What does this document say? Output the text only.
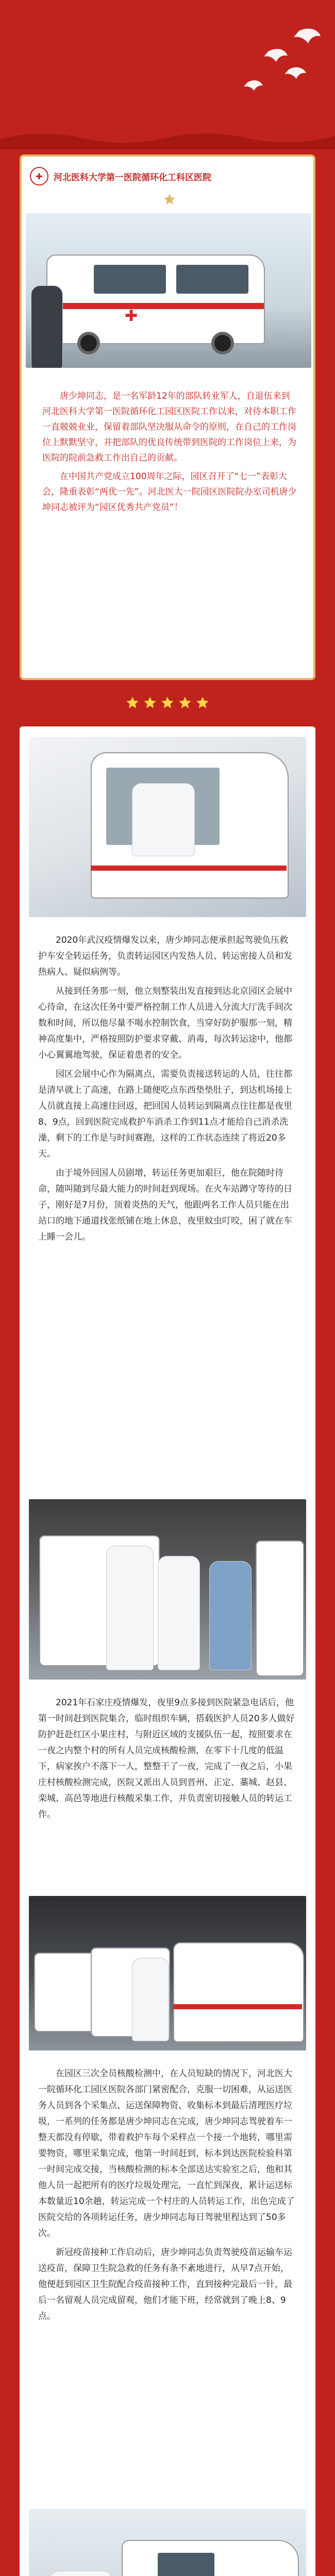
✚	河北医科大学第一医院循环化工科区医院
✚

唐少坤同志，是一名军龄12年的部队转业军人，自退伍来到河北医科大学第一医院循环化工园区医院工作以来，对待本职工作一直兢兢业业，保留着部队坚决服从命令的原则，在自己的工作岗位上默默坚守，并把部队的优良传统带到医院的工作岗位上来，为医院的院前急救工作出自己的贡献。

在中国共产党成立100周年之际，园区召开了“七一”表彰大会，隆重表彰“两优一先”。河北医大一院园区医院院办室司机唐少坤同志被评为“园区优秀共产党员”！

2020年武汉疫情爆发以来，唐少坤同志便承担起驾驶负压救护车安全转运任务，负责转运园区内发热人员、转运密接人员和发热病人、疑似病例等。

从接到任务那一刻，他立刻整装出发直接到达北京园区会展中心待命，在这次任务中要严格控制工作人员进入分流大厅洗手间次数和时间，所以他尽量不喝水控制饮食，当穿好防护服那一刻，精神高度集中，严格按照防护要求穿戴、消毒，每次转运途中，他都小心翼翼地驾驶，保证着患者的安全。

园区会展中心作为隔离点，需要负责接送转运的人员，往往都是清早就上了高速，在路上随便吃点东西垫垫肚子，到达机场接上人员就直接上高速往回返，把回国人员转运到隔离点往往都是夜里8、9点，回到医院完成救护车消杀工作到11点才能给自己消杀洗澡，剩下的工作是与时间赛跑，这样的工作状态连续了将近20多天。

由于境外回国人员剧增，转运任务更加艰巨，他在院随时待命，随叫随到尽最大能力的时间赶到现场。在火车站蹲守等待的日子，刚好是7月份，顶着炎热的天气，他跟两名工作人员只能在出站口的地下通道找张纸铺在地上休息，夜里蚊虫叮咬，困了就在车上睡一会儿。

2021年石家庄疫情爆发，夜里9点多接到医院紧急电话后，他第一时间赶到医院集合，临时组织车辆，搭载医护人员20多人做好防护赶赴红区小果庄村，与附近区域的支援队伍一起，按照要求在一夜之内整个村的所有人员完成核酸检测，在零下十几度的低温下，病家挨户不落下一人，整整干了一夜，完成了一夜之后，小果庄村核酸检测完成，医院又派出人员到晋州、正定、藁城、赵县、栾城、高邑等地进行核酸采集工作，并负责密切接触人员的转运工作。

在园区三次全员核酸检测中，在人员短缺的情况下，河北医大一院循环化工园区医院各部门紧密配合，克服一切困难，从运送医务人员到各个采集点、运送保障物资、收集标本到最后清理医疗垃圾，一系列的任务都是唐少坤同志在完成，唐少坤同志驾驶着车一整天都没有停歇，带着救护车每个采样点一个接一个地转，哪里需要物资，哪里采集完成，他第一时间赶到，标本到达医院检验科第一时间完成交接，当核酸检测的标本全部送达实验室之后，他和其他人员一起把所有的医疗垃圾处理完，一直忙到深夜，累计运送标本数量近10余趟，转运完成一个村庄的人员转运工作，出色完成了医院交给的各项转运任务，唐少坤同志每日驾驶里程达到了50多次。

新冠疫苗接种工作启动后，唐少坤同志负责驾驶疫苗运输车运送疫苗，保障卫生院急救的任务有条不紊地进行，从早7点开始，他便赶到园区卫生院配合疫苗接种工作，直到接种完最后一针，最后一名留观人员完成留观，他们才能下班，经常就到了晚上8、9点。
